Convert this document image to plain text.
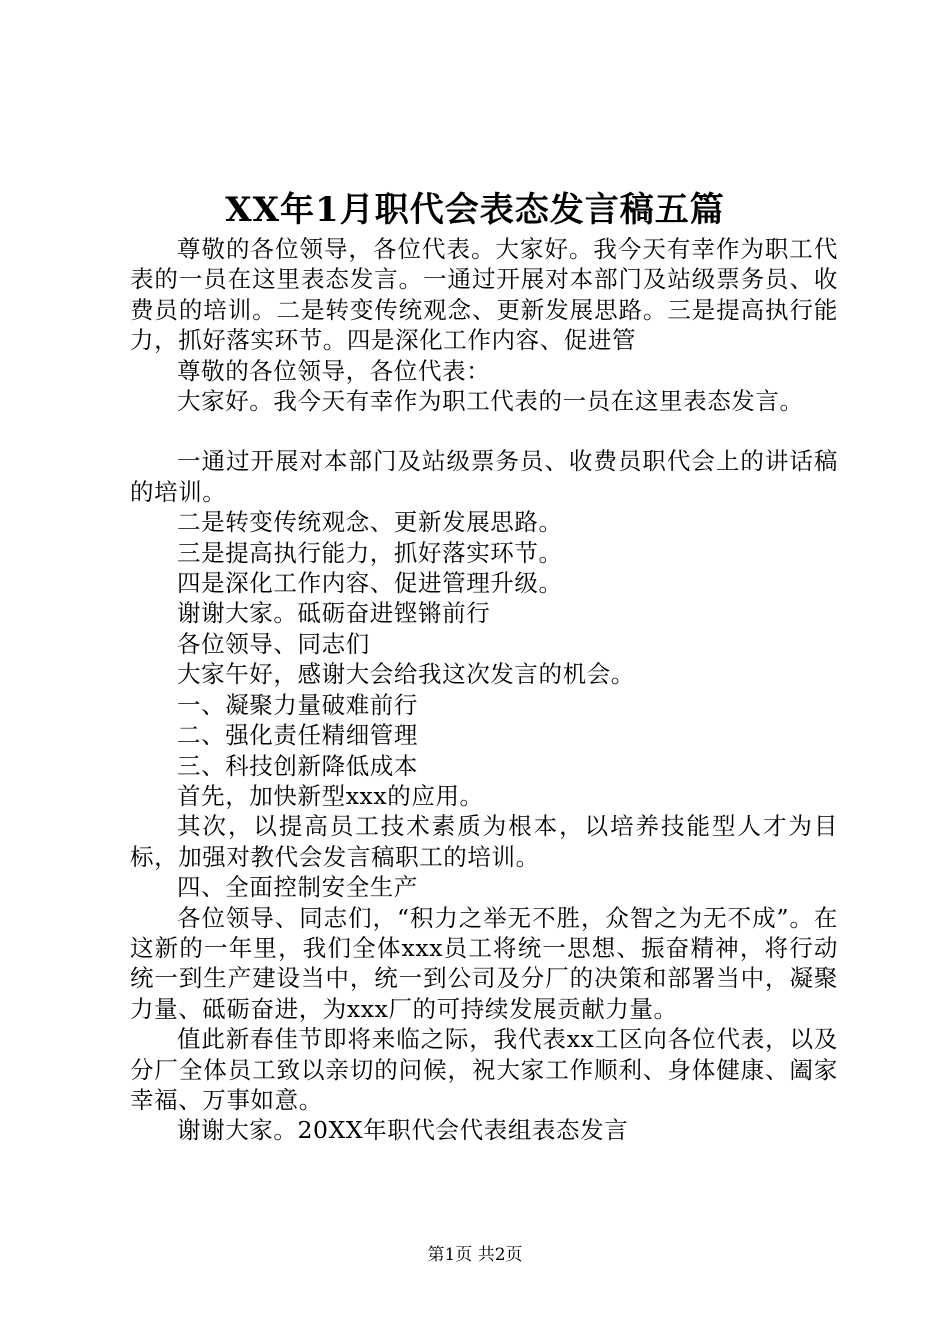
XX年1月职代会表态发言稿五篇

尊敬的各位领导，各位代表。大家好。我今天有幸作为职工代表的一员在这里表态发言。一通过开展对本部门及站级票务员、收费员的培训。二是转变传统观念、更新发展思路。三是提高执行能力，抓好落实环节。四是深化工作内容、促进管

尊敬的各位领导，各位代表：

大家好。我今天有幸作为职工代表的一员在这里表态发言。

一通过开展对本部门及站级票务员、收费员职代会上的讲话稿的培训。

二是转变传统观念、更新发展思路。

三是提高执行能力，抓好落实环节。

四是深化工作内容、促进管理升级。

谢谢大家。砥砺奋进铿锵前行

各位领导、同志们

大家午好，感谢大会给我这次发言的机会。

一、凝聚力量破难前行

二、强化责任精细管理

三、科技创新降低成本

首先，加快新型xxx的应用。

其次，以提高员工技术素质为根本，以培养技能型人才为目标，加强对教代会发言稿职工的培训。

四、全面控制安全生产

各位领导、同志们，“积力之举无不胜，众智之为无不成”。在这新的一年里，我们全体xxx员工将统一思想、振奋精神，将行动统一到生产建设当中，统一到公司及分厂的决策和部署当中，凝聚力量、砥砺奋进，为xxx厂的可持续发展贡献力量。

值此新春佳节即将来临之际，我代表xx工区向各位代表，以及分厂全体员工致以亲切的问候，祝大家工作顺利、身体健康、阖家幸福、万事如意。

谢谢大家。20XX年职代会代表组表态发言

第1页 共2页
